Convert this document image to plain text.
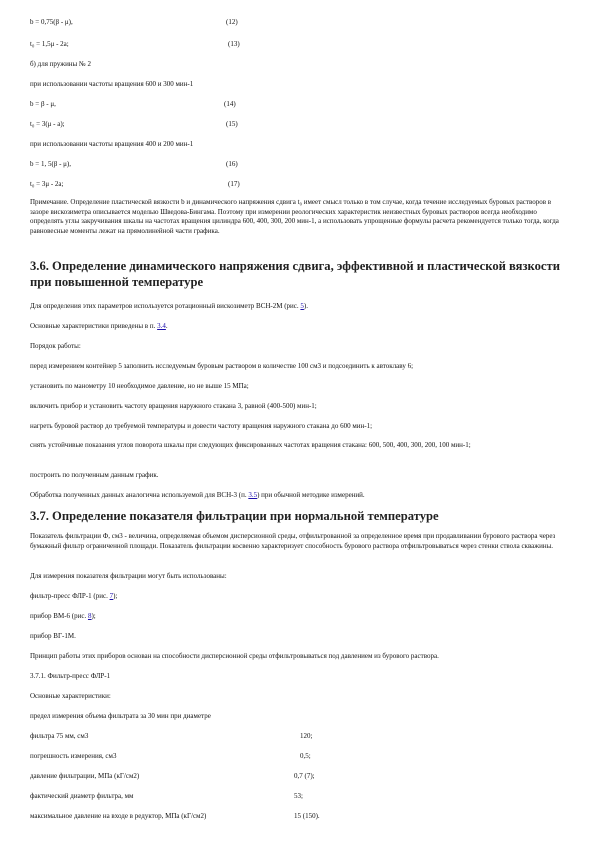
b = 0,75(β - μ),	(12)
t₀ = 1,5μ - 2a;	(13)
б) для пружины № 2
при использовании частоты вращения 600 и 300 мин-1
b = β - μ,	(14)
t₀ = 3(μ - a);	(15)
при использовании частоты вращения 400 и 200 мин-1
b = 1, 5(β - μ),	(16)
t₀ = 3μ - 2a;	(17)
Примечание. Определение пластической вязкости b и динамического напряжения сдвига t₀ имеет смысл только в том случае, когда течение исследуемых буровых растворов в зазоре вискозиметра описывается моделью Шведова-Бингама. Поэтому при измерении реологических характеристик неизвестных буровых растворов всегда необходимо определять углы закручивания шкалы на частотах вращения цилиндра 600, 400, 300, 200 мин-1, а использовать упрощенные формулы расчета рекомендуется только тогда, когда равновесные моменты лежат на прямолинейной части графика.
3.6. Определение динамического напряжения сдвига, эффективной и пластической вязкости при повышенной температуре
Для определения этих параметров используется ротационный вискозиметр ВСН-2М (рис. 5).
Основные характеристики приведены в п. 3.4.
Порядок работы:
перед измерением контейнер 5 заполнить исследуемым буровым раствором в количестве 100 см3 и подсоединить к автоклаву 6;
установить по манометру 10 необходимое давление, но не выше 15 МПа;
включить прибор и установить частоту вращения наружного стакана 3, равной (400-500) мин-1;
нагреть буровой раствор до требуемой температуры и довести частоту вращения наружного стакана до 600 мин-1;
снять устойчивые показания углов поворота шкалы при следующих фиксированных частотах вращения стакана: 600, 500, 400, 300, 200, 100 мин-1;
построить по полученным данным график.
Обработка полученных данных аналогична используемой для ВСН-3 (п. 3.5) при обычной методике измерений.
3.7. Определение показателя фильтрации при нормальной температуре
Показатель фильтрации Ф, см3 - величина, определяемая объемом дисперсионной среды, отфильтрованной за определенное время при продавливании бурового раствора через бумажный фильтр ограниченной площади. Показатель фильтрации косвенно характеризует способность бурового раствора отфильтровываться через стенки ствола скважины.
Для измерения показателя фильтрации могут быть использованы:
фильтр-пресс ФЛР-1 (рис. 7);
прибор ВМ-6 (рис. 8);
прибор ВГ-1М.
Принцип работы этих приборов основан на способности дисперсионной среды отфильтровываться под давлением из бурового раствора.
3.7.1. Фильтр-пресс ФЛР-1
Основные характеристики:
предел измерения объема фильтрата за 30 мин при диаметре
фильтра 75 мм, см3	120;
погрешность измерения, см3	0,5;
давление фильтрации, МПа (кГ/см2)	0,7 (7);
фактический диаметр фильтра, мм	53;
максимальное давление на входе в редуктор, МПа (кГ/см2)	15 (150).
